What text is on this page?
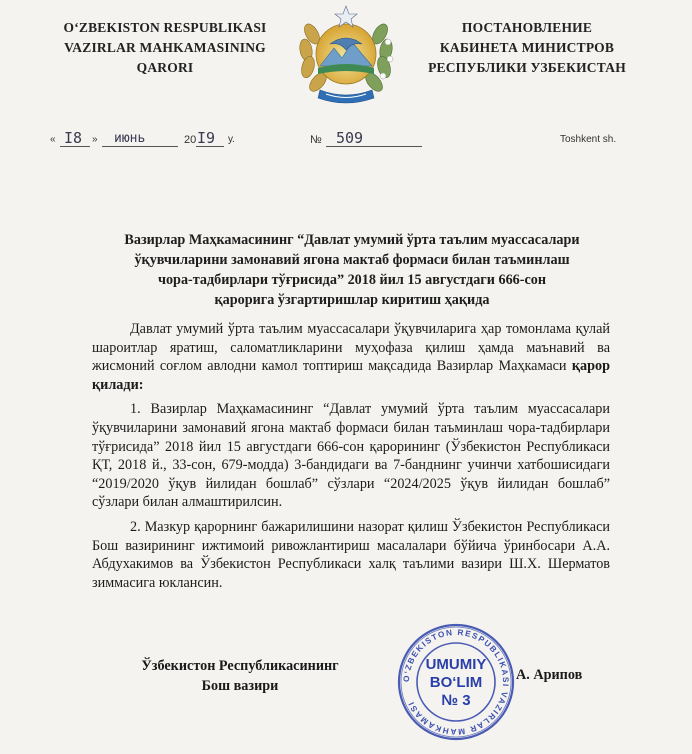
O‘ZBEKISTON RESPUBLIKASI
VAZIRLAR MAHKAMASINING
QARORI
ПОСТАНОВЛЕНИЕ
КАБИНЕТА МИНИСТРОВ
РЕСПУБЛИКИ УЗБЕКИСТАН
« I8 » июнь	20 I9 у.	№ 509	Toshkent sh.
Вазирлар Маҳкамасининг “Давлат умумий ўрта таълим муассасалари
ўқувчиларини замонавий ягона мактаб формаси билан таъминлаш
чора-тадбирлари тўғрисида” 2018 йил 15 августдаги 666-сон
қарорига ўзгартиришлар киритиш ҳақида

Давлат умумий ўрта таълим муассасалари ўқувчиларига ҳар томонлама қулай шароитлар яратиш, саломатликларини муҳофаза қилиш ҳамда маънавий ва жисмоний соғлом авлодни камол топтириш мақсадида Вазирлар Маҳкамаси қарор қилади:

1. Вазирлар Маҳкамасининг “Давлат умумий ўрта таълим муассасалари ўқувчиларини замонавий ягона мактаб формаси билан таъминлаш чора-тадбирлари тўғрисида” 2018 йил 15 августдаги 666-сон қарорининг (Ўзбекистон Республикаси ҚТ, 2018 й., 33-сон, 679-модда) 3-бандидаги ва 7-банднинг учинчи хатбошисидаги “2019/2020 ўқув йилидан бошлаб” сўзлари “2024/2025 ўқув йилидан бошлаб” сўзлари билан алмаштирилсин.

2. Мазкур қарорнинг бажарилишини назорат қилиш Ўзбекистон Республикаси Бош вазирининг ижтимоий ривожлантириш масалалари бўйича ўринбосари А.А. Абдухакимов ва Ўзбекистон Республикаси халқ таълими вазири Ш.Х. Шерматов зиммасига юклансин.

Ўзбекистон Республикасининг
Бош вазири
O‘ZBEKISTON RESPUBLIKASI VAZIRLAR MAHKAMASI
UMUMIY
BO‘LIM
№ 3
А. Арипов
